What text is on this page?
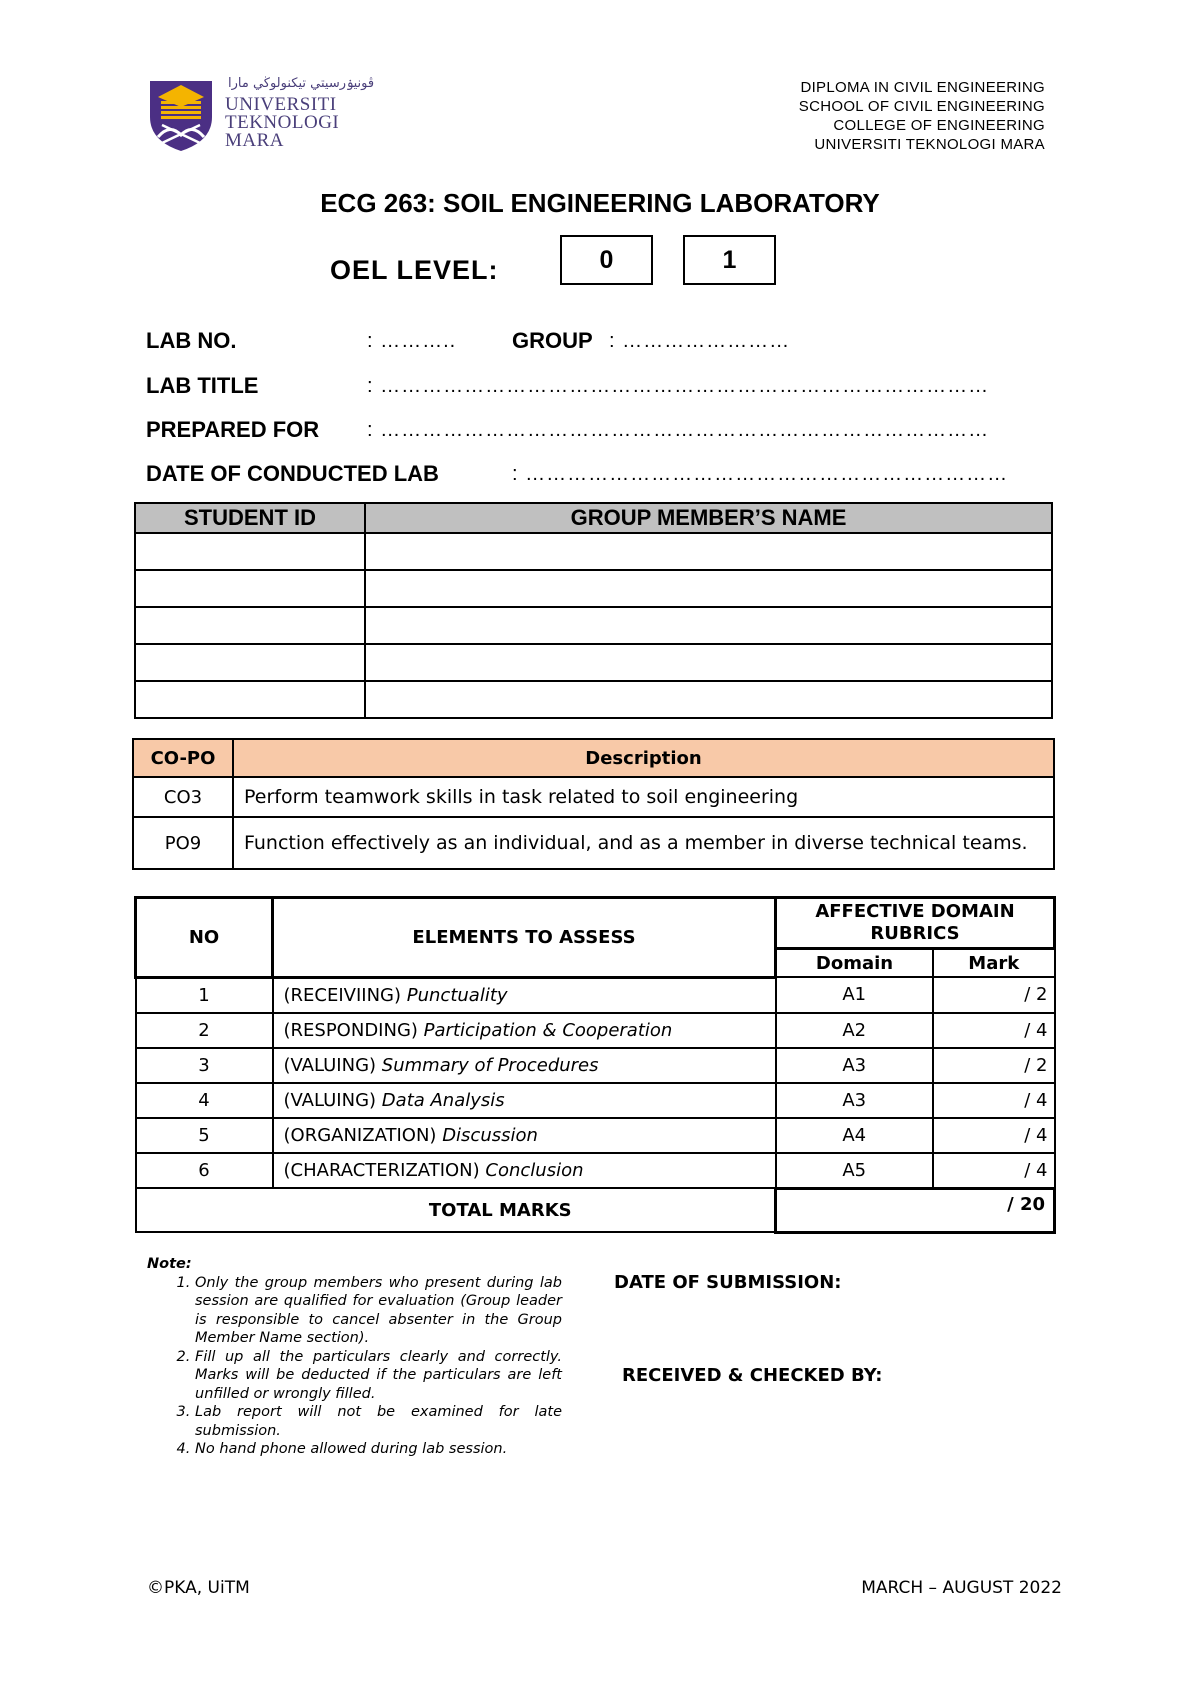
ڤونيۏرسيتي تيكنولوڬي مارا
UNIVERSITI
TEKNOLOGI
MARA
DIPLOMA IN CIVIL ENGINEERING
SCHOOL OF CIVIL ENGINEERING
COLLEGE OF ENGINEERING
UNIVERSITI TEKNOLOGI MARA
ECG 263: SOIL ENGINEERING LABORATORY
OEL LEVEL:	0	1
LAB NO.	: ………..	GROUP : ……………………
LAB TITLE	: ……………………………………………………………………………
PREPARED FOR : ……………………………………………………………………………
DATE OF CONDUCTED LAB	: ……………………………………………………………
STUDENT ID	GROUP MEMBER’S NAME

CO-PO	Description
CO3	Perform teamwork skills in task related to soil engineering
PO9	Function effectively as an individual, and as a member in diverse technical teams.
NO	ELEMENTS TO ASSESS	AFFECTIVE DOMAIN RUBRICS	
		Domain	Mark
1	(RECEIVIING) Punctuality	A1	/ 2
2	(RESPONDING) Participation & Cooperation	A2	/ 4
3	(VALUING) Summary of Procedures	A3	/ 2
4	(VALUING) Data Analysis	A3	/ 4
5	(ORGANIZATION) Discussion	A4	/ 4
6	(CHARACTERIZATION) Conclusion	A5	/ 4
TOTAL MARKS		/ 20	
Note:
1. Only the group members who present during lab session are qualified for evaluation (Group leader is responsible to cancel absenter in the Group Member Name section).
2. Fill up all the particulars clearly and correctly. Marks will be deducted if the particulars are left unfilled or wrongly filled.
3. Lab report will not be examined for late submission.
4. No hand phone allowed during lab session.
DATE OF SUBMISSION:
RECEIVED & CHECKED BY:
©PKA, UiTM	MARCH – AUGUST 2022
